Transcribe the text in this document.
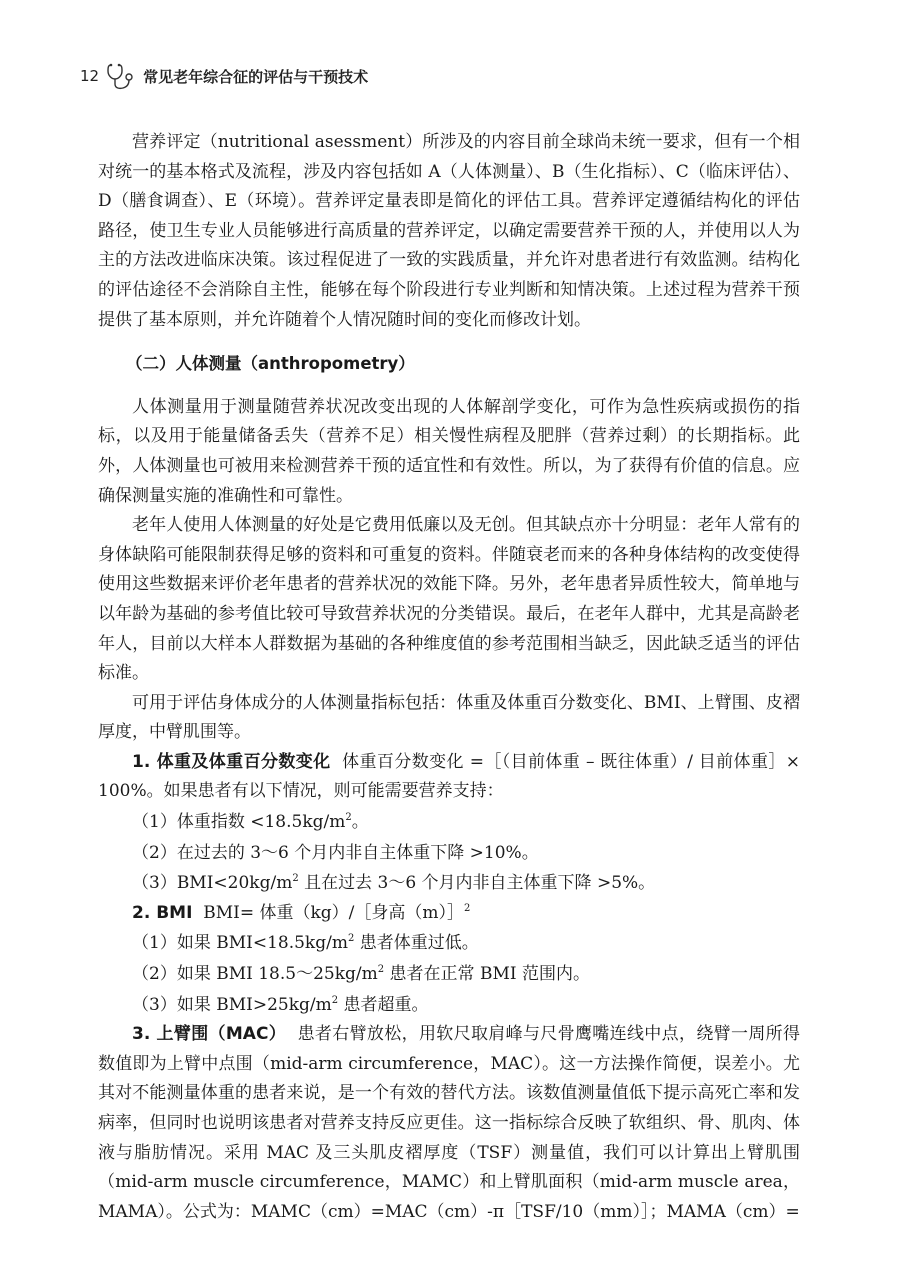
12	常见老年综合征的评估与干预技术

营养评定（nutritional asessment）所涉及的内容目前全球尚未统一要求，但有一个相对统一的基本格式及流程，涉及内容包括如 A（人体测量）、B（生化指标）、C（临床评估）、D（膳食调查）、E（环境）。营养评定量表即是简化的评估工具。营养评定遵循结构化的评估路径，使卫生专业人员能够进行高质量的营养评定，以确定需要营养干预的人，并使用以人为主的方法改进临床决策。该过程促进了一致的实践质量，并允许对患者进行有效监测。结构化的评估途径不会消除自主性，能够在每个阶段进行专业判断和知情决策。上述过程为营养干预提供了基本原则，并允许随着个人情况随时间的变化而修改计划。

（二）人体测量（anthropometry）

人体测量用于测量随营养状况改变出现的人体解剖学变化，可作为急性疾病或损伤的指标，以及用于能量储备丢失（营养不足）相关慢性病程及肥胖（营养过剩）的长期指标。此外，人体测量也可被用来检测营养干预的适宜性和有效性。所以，为了获得有价值的信息。应确保测量实施的准确性和可靠性。

老年人使用人体测量的好处是它费用低廉以及无创。但其缺点亦十分明显：老年人常有的身体缺陷可能限制获得足够的资料和可重复的资料。伴随衰老而来的各种身体结构的改变使得使用这些数据来评价老年患者的营养状况的效能下降。另外，老年患者异质性较大，简单地与以年龄为基础的参考值比较可导致营养状况的分类错误。最后，在老年人群中，尤其是高龄老年人，目前以大样本人群数据为基础的各种维度值的参考范围相当缺乏，因此缺乏适当的评估标准。

可用于评估身体成分的人体测量指标包括：体重及体重百分数变化、BMI、上臂围、皮褶厚度，中臂肌围等。

1. 体重及体重百分数变化 体重百分数变化 =［（目前体重 – 既往体重）/ 目前体重］× 100%。如果患者有以下情况，则可能需要营养支持：

（1）体重指数 $<18.5kg/m^2$。

（2）在过去的 3～6 个月内非自主体重下降 >10%。

$(3)BMI<20kg/m^2$ 且在过去 3～6 个月内非自主体重下降 >5%。

2. BMI BMI= 体重（kg）/［身高（m）］$^2$

（1）如果 $BMI<18.5kg/m^2$ 患者体重过低。

（2）如果 BMI $18.5\sim 25kg/m^2$ 患者在正常 BMI 范围内。

（3）如果 $BMI>25kg/m^2$ 患者超重。

3. 上臂围（MAC） 患者右臂放松，用软尺取肩峰与尺骨鹰嘴连线中点，绕臂一周所得数值即为上臂中点围（mid-arm circumference，MAC）。这一方法操作简便，误差小。尤其对不能测量体重的患者来说，是一个有效的替代方法。该数值测量值低下提示高死亡率和发病率，但同时也说明该患者对营养支持反应更佳。这一指标综合反映了软组织、骨、肌肉、体液与脂肪情况。采用 MAC 及三头肌皮褶厚度（TSF）测量值，我们可以计算出上臂肌围（mid-arm muscle circumference，MAMC）和上臂肌面积（mid-arm muscle area，MAMA）。公式为：MAMC（cm）=MAC（cm）-π［TSF/10（mm）］；MAMA（cm）=
